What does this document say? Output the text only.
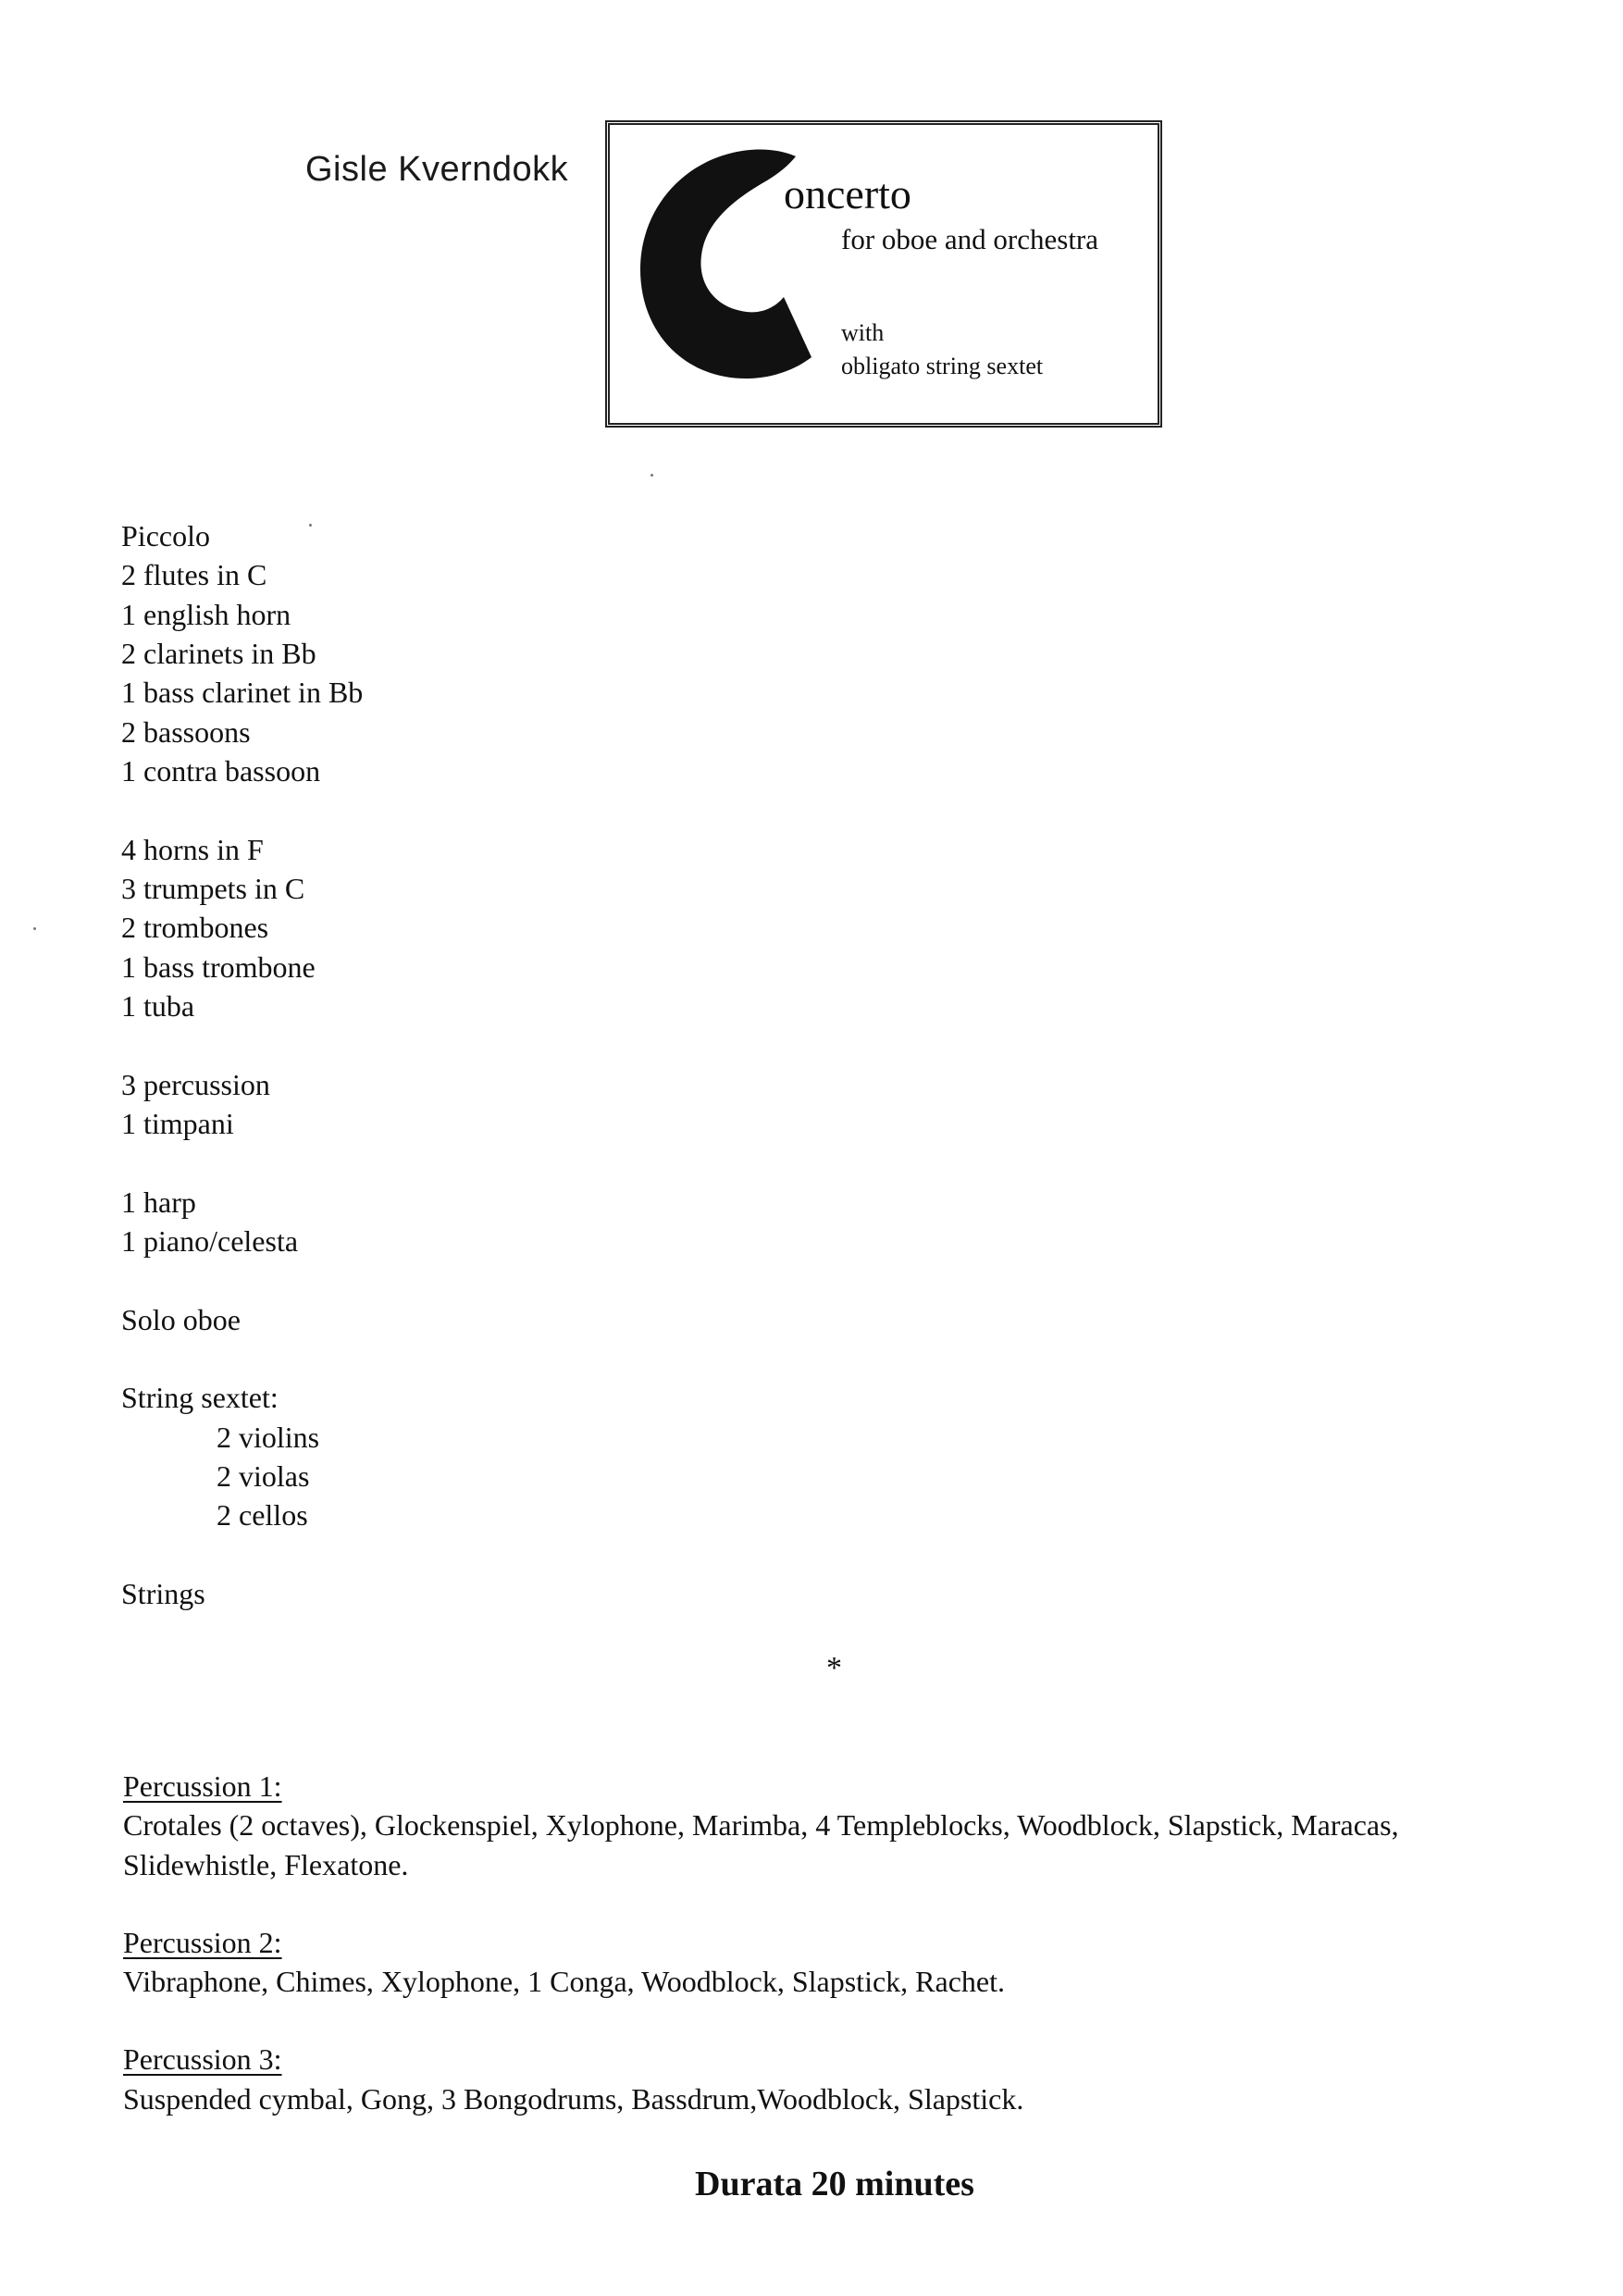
Gisle Kverndokk
oncerto
for oboe and orchestra
with
obligato string sextet
Piccolo
2 flutes in C
1 english horn
2 clarinets in Bb
1 bass clarinet in Bb
2 bassoons
1 contra bassoon
4 horns in F
3 trumpets in C
2 trombones
1 bass trombone
1 tuba
3 percussion
1 timpani
1 harp
1 piano/celesta
Solo oboe
String sextet:
2 violins
2 violas
2 cellos
Strings
*
Percussion 1:
Crotales (2 octaves), Glockenspiel, Xylophone, Marimba, 4 Templeblocks, Woodblock, Slapstick, Maracas,
Slidewhistle, Flexatone.
Percussion 2:
Vibraphone, Chimes, Xylophone, 1 Conga, Woodblock, Slapstick, Rachet.
Percussion 3:
Suspended cymbal, Gong, 3 Bongodrums, Bassdrum,Woodblock, Slapstick.
Durata 20 minutes
